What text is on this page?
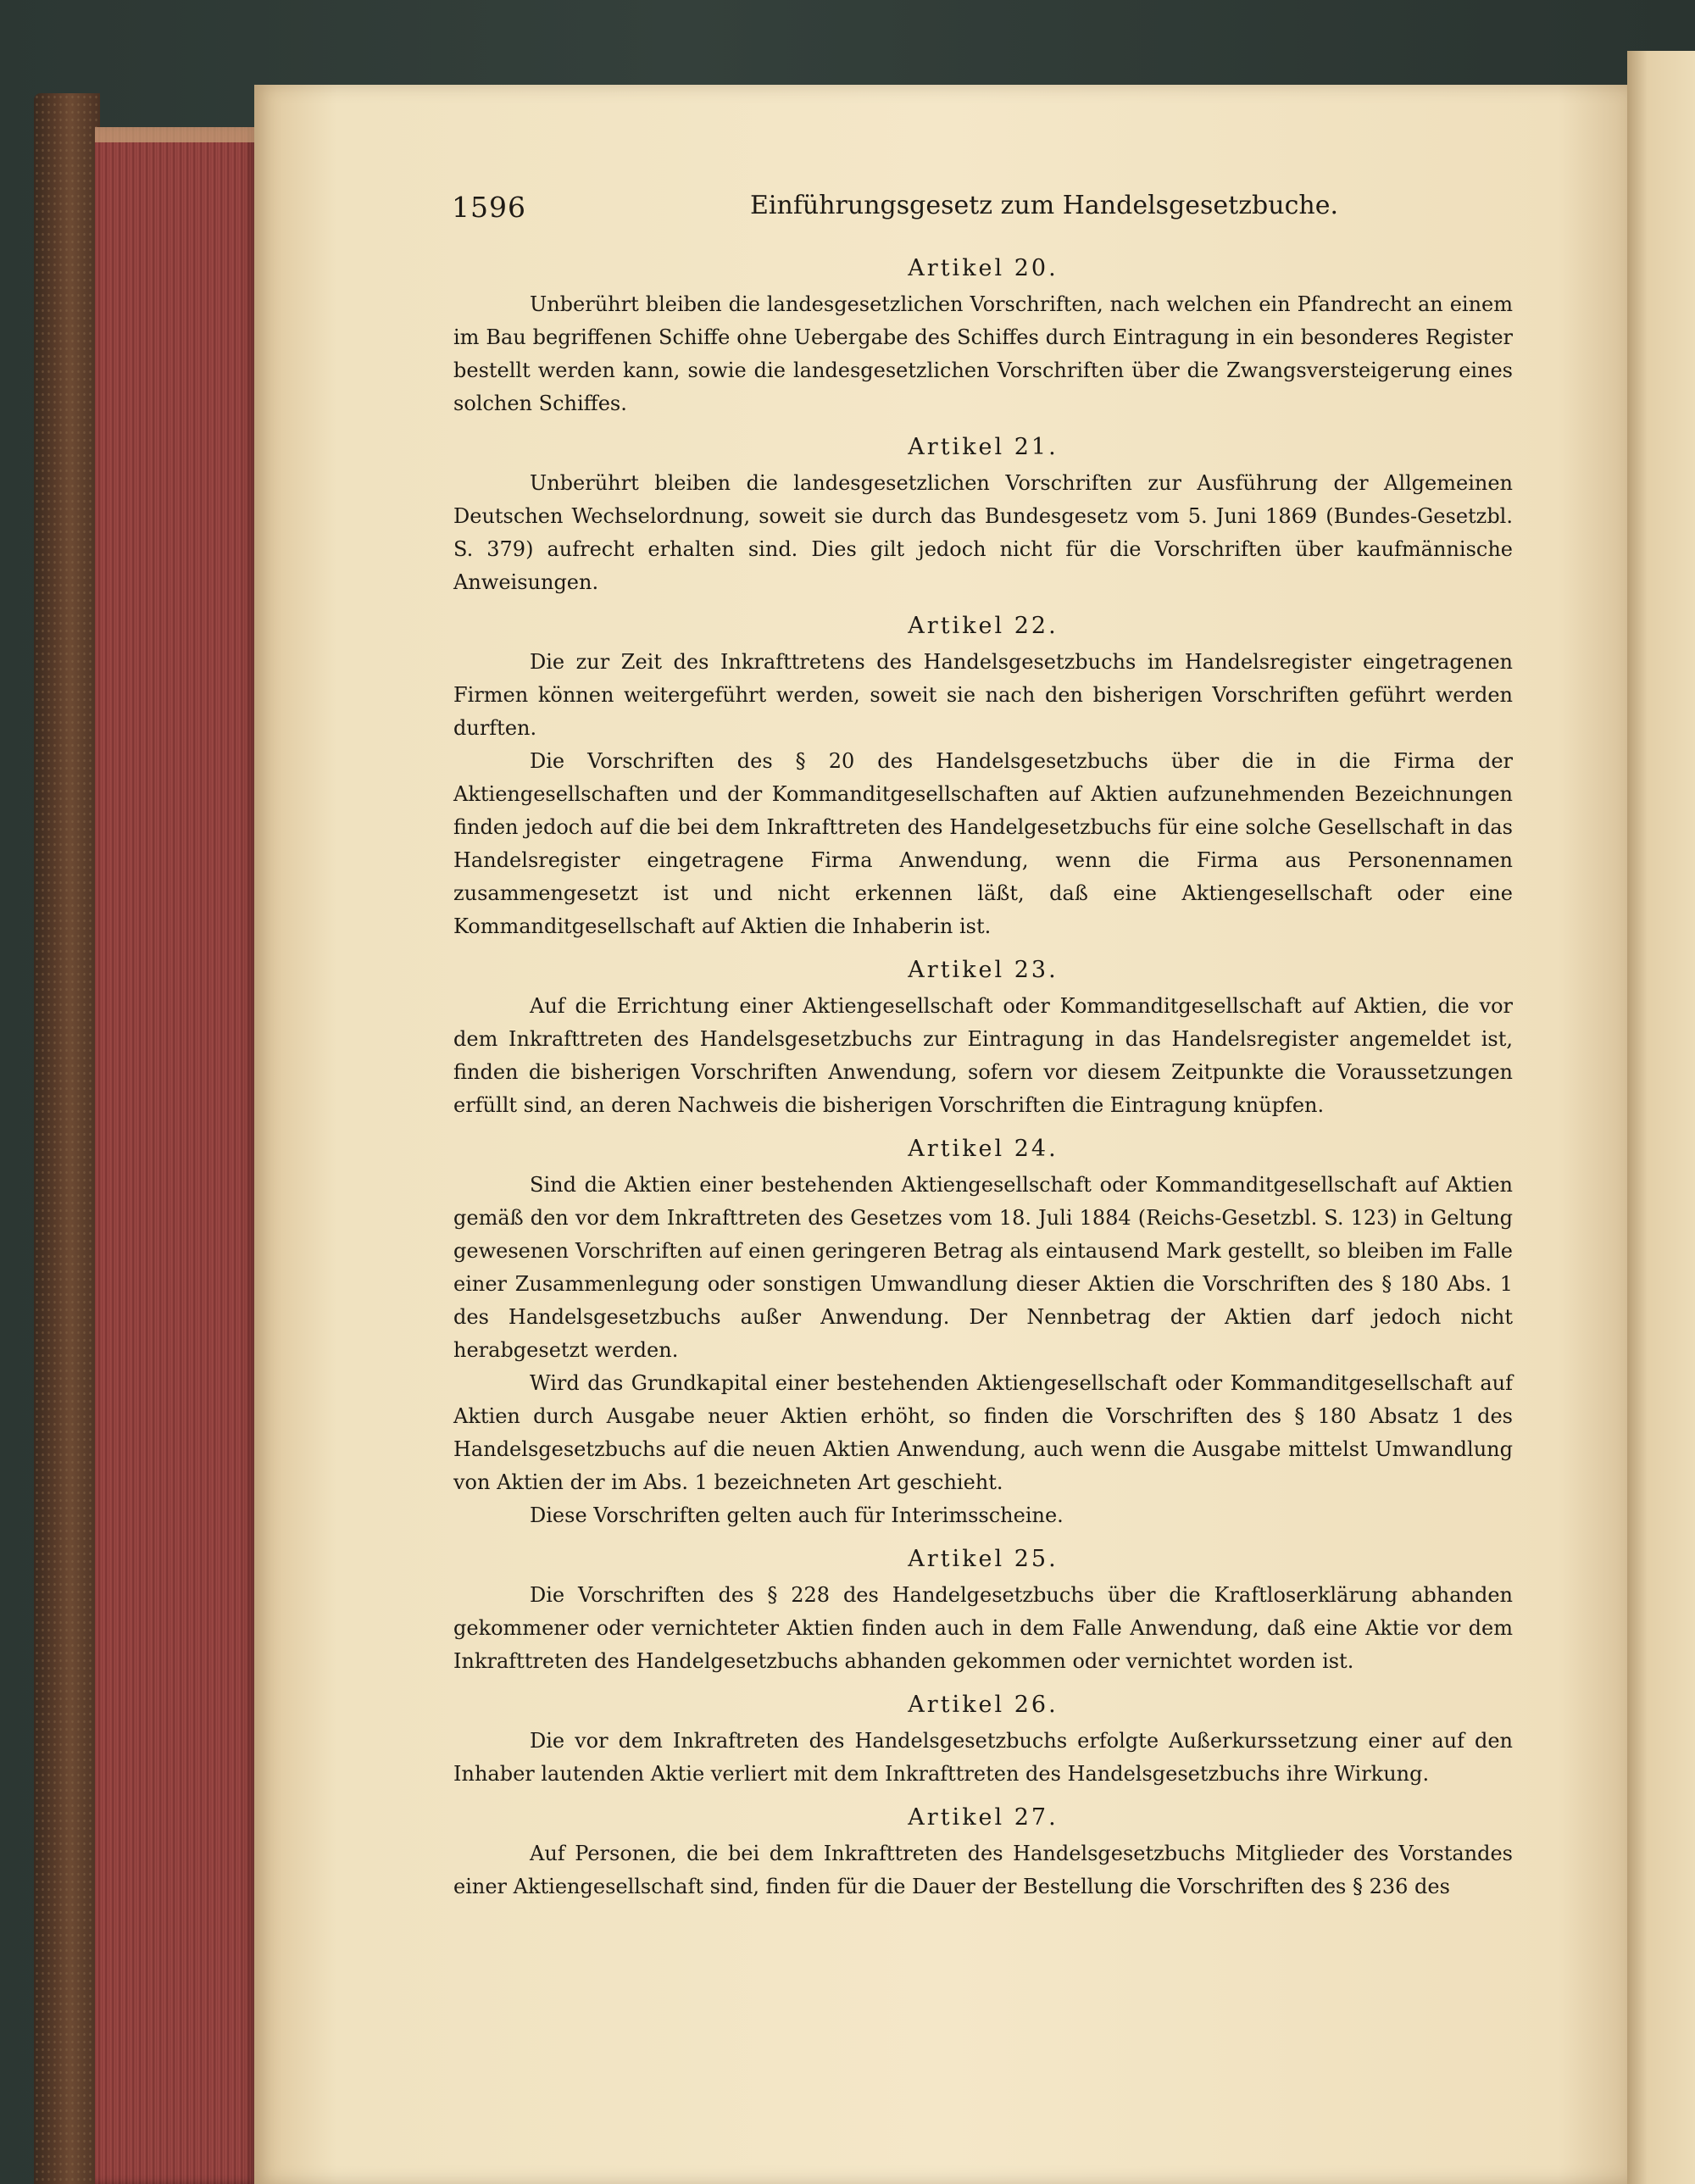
1596	Einführungsgesetz zum Handelsgesetzbuche.
Artikel 20.

Unberührt bleiben die landesgesetzlichen Vorschriften, nach welchen ein Pfandrecht an einem im Bau begriffenen Schiffe ohne Uebergabe des Schiffes durch Eintragung in ein besonderes Register bestellt werden kann, sowie die landesgesetzlichen Vorschriften über die Zwangsversteigerung eines solchen Schiffes.

Artikel 21.

Unberührt bleiben die landesgesetzlichen Vorschriften zur Ausführung der Allgemeinen Deutschen Wechselordnung, soweit sie durch das Bundesgesetz vom 5. Juni 1869 (Bundes-Gesetzbl. S. 379) aufrecht erhalten sind. Dies gilt jedoch nicht für die Vorschriften über kaufmännische Anweisungen.

Artikel 22.

Die zur Zeit des Inkrafttretens des Handelsgesetzbuchs im Handelsregister eingetragenen Firmen können weitergeführt werden, soweit sie nach den bisherigen Vorschriften geführt werden durften.

Die Vorschriften des § 20 des Handelsgesetzbuchs über die in die Firma der Aktiengesellschaften und der Kommanditgesellschaften auf Aktien aufzunehmenden Bezeichnungen finden jedoch auf die bei dem Inkrafttreten des Handelgesetzbuchs für eine solche Gesellschaft in das Handelsregister eingetragene Firma Anwendung, wenn die Firma aus Personennamen zusammengesetzt ist und nicht erkennen läßt, daß eine Aktiengesellschaft oder eine Kommanditgesellschaft auf Aktien die Inhaberin ist.

Artikel 23.

Auf die Errichtung einer Aktiengesellschaft oder Kommanditgesellschaft auf Aktien, die vor dem Inkrafttreten des Handelsgesetzbuchs zur Eintragung in das Handelsregister angemeldet ist, finden die bisherigen Vorschriften Anwendung, sofern vor diesem Zeitpunkte die Voraussetzungen erfüllt sind, an deren Nachweis die bisherigen Vorschriften die Eintragung knüpfen.

Artikel 24.

Sind die Aktien einer bestehenden Aktiengesellschaft oder Kommanditgesellschaft auf Aktien gemäß den vor dem Inkrafttreten des Gesetzes vom 18. Juli 1884 (Reichs-Gesetzbl. S. 123) in Geltung gewesenen Vorschriften auf einen geringeren Betrag als eintausend Mark gestellt, so bleiben im Falle einer Zusammenlegung oder sonstigen Umwandlung dieser Aktien die Vorschriften des § 180 Abs. 1 des Handelsgesetzbuchs außer Anwendung. Der Nennbetrag der Aktien darf jedoch nicht herabgesetzt werden.

Wird das Grundkapital einer bestehenden Aktiengesellschaft oder Kommanditgesellschaft auf Aktien durch Ausgabe neuer Aktien erhöht, so finden die Vorschriften des § 180 Absatz 1 des Handelsgesetzbuchs auf die neuen Aktien Anwendung, auch wenn die Ausgabe mittelst Umwandlung von Aktien der im Abs. 1 bezeichneten Art geschieht.

Diese Vorschriften gelten auch für Interimsscheine.

Artikel 25.

Die Vorschriften des § 228 des Handelgesetzbuchs über die Kraftloserklärung abhanden gekommener oder vernichteter Aktien finden auch in dem Falle Anwendung, daß eine Aktie vor dem Inkrafttreten des Handelgesetzbuchs abhanden gekommen oder vernichtet worden ist.

Artikel 26.

Die vor dem Inkraftreten des Handelsgesetzbuchs erfolgte Außerkurssetzung einer auf den Inhaber lautenden Aktie verliert mit dem Inkrafttreten des Handelsgesetzbuchs ihre Wirkung.

Artikel 27.

Auf Personen, die bei dem Inkrafttreten des Handelsgesetzbuchs Mitglieder des Vorstandes einer Aktiengesellschaft sind, finden für die Dauer der Bestellung die Vorschriften des § 236 des
